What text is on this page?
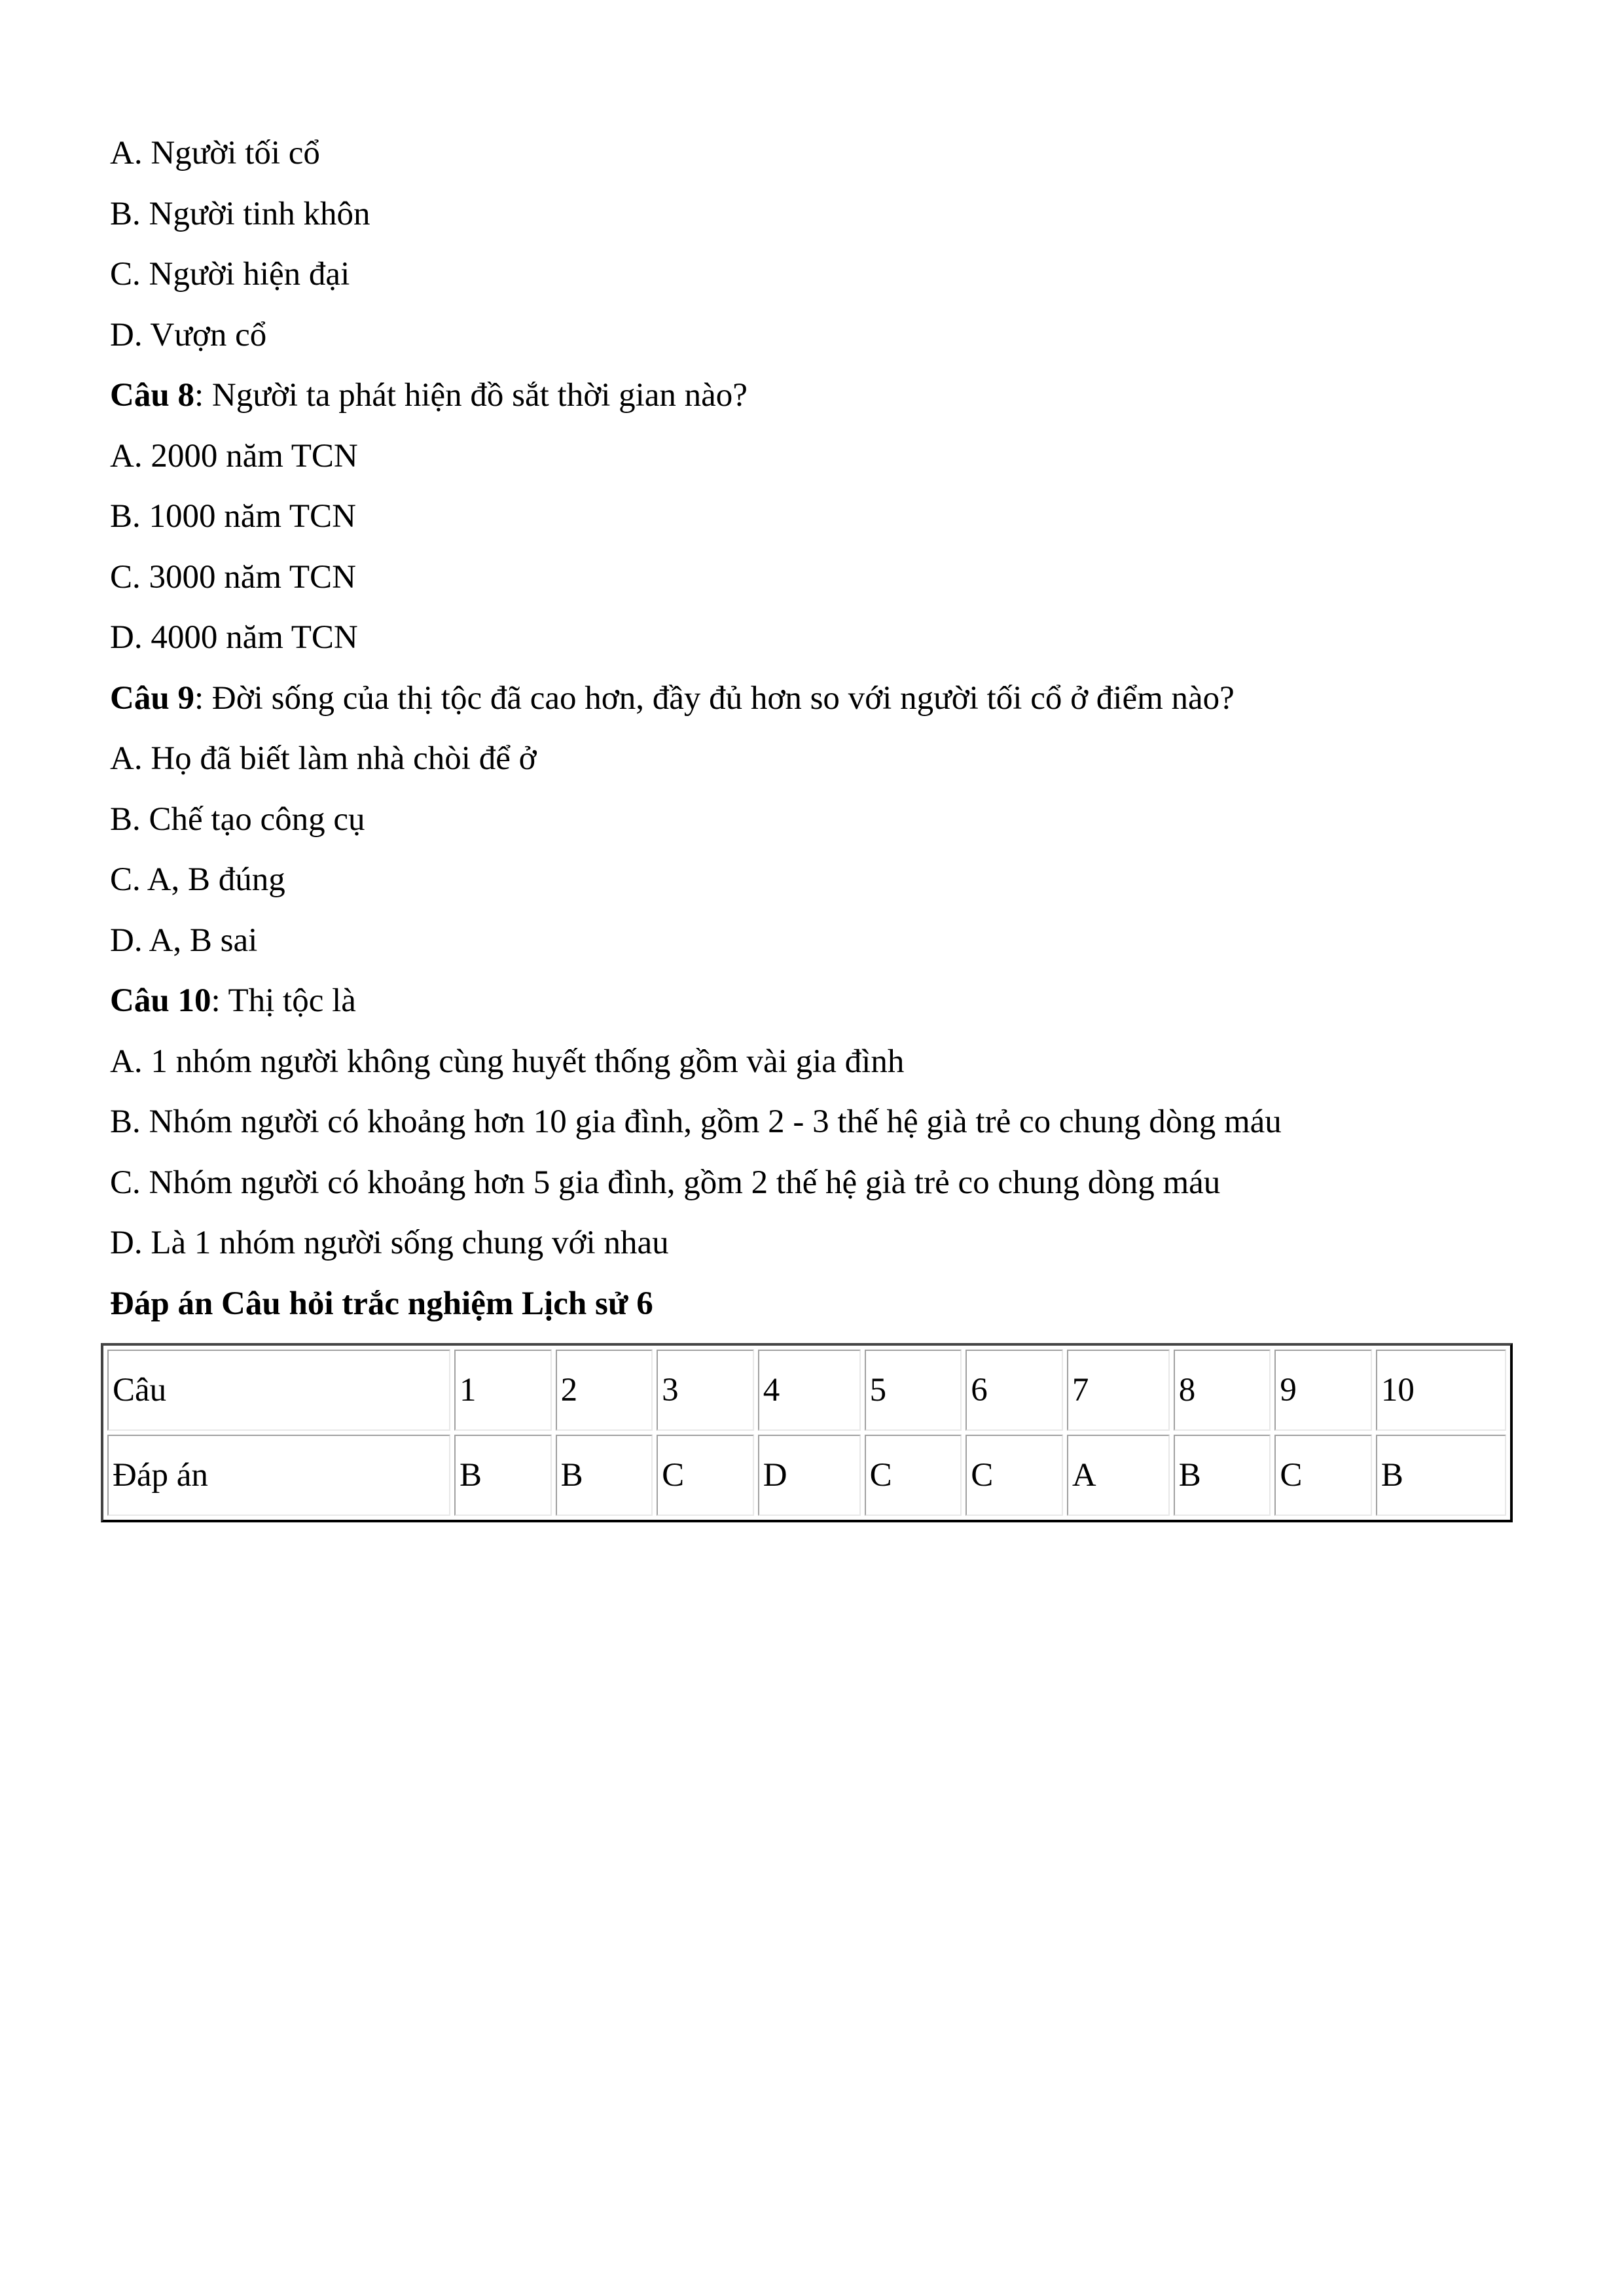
A. Người tối cổ
B. Người tinh khôn
C. Người hiện đại
D. Vượn cổ
Câu 8: Người ta phát hiện đồ sắt thời gian nào?
A. 2000 năm TCN
B. 1000 năm TCN
C. 3000 năm TCN
D. 4000 năm TCN
Câu 9: Đời sống của thị tộc đã cao hơn, đầy đủ hơn so với người tối cổ ở điểm nào?
A. Họ đã biết làm nhà chòi để ở
B. Chế tạo công cụ
C. A, B đúng
D. A, B sai
Câu 10: Thị tộc là
A. 1 nhóm người không cùng huyết thống gồm vài gia đình
B. Nhóm người có khoảng hơn 10 gia đình, gồm 2 - 3 thế hệ già trẻ co chung dòng máu
C. Nhóm người có khoảng hơn 5 gia đình, gồm 2 thế hệ già trẻ co chung dòng máu
D. Là 1 nhóm người sống chung với nhau
Đáp án Câu hỏi trắc nghiệm Lịch sử 6
Câu	1	2	3	4	5	6	7	8	9	10
Đáp án	B	B	C	D	C	C	A	B	C	B
